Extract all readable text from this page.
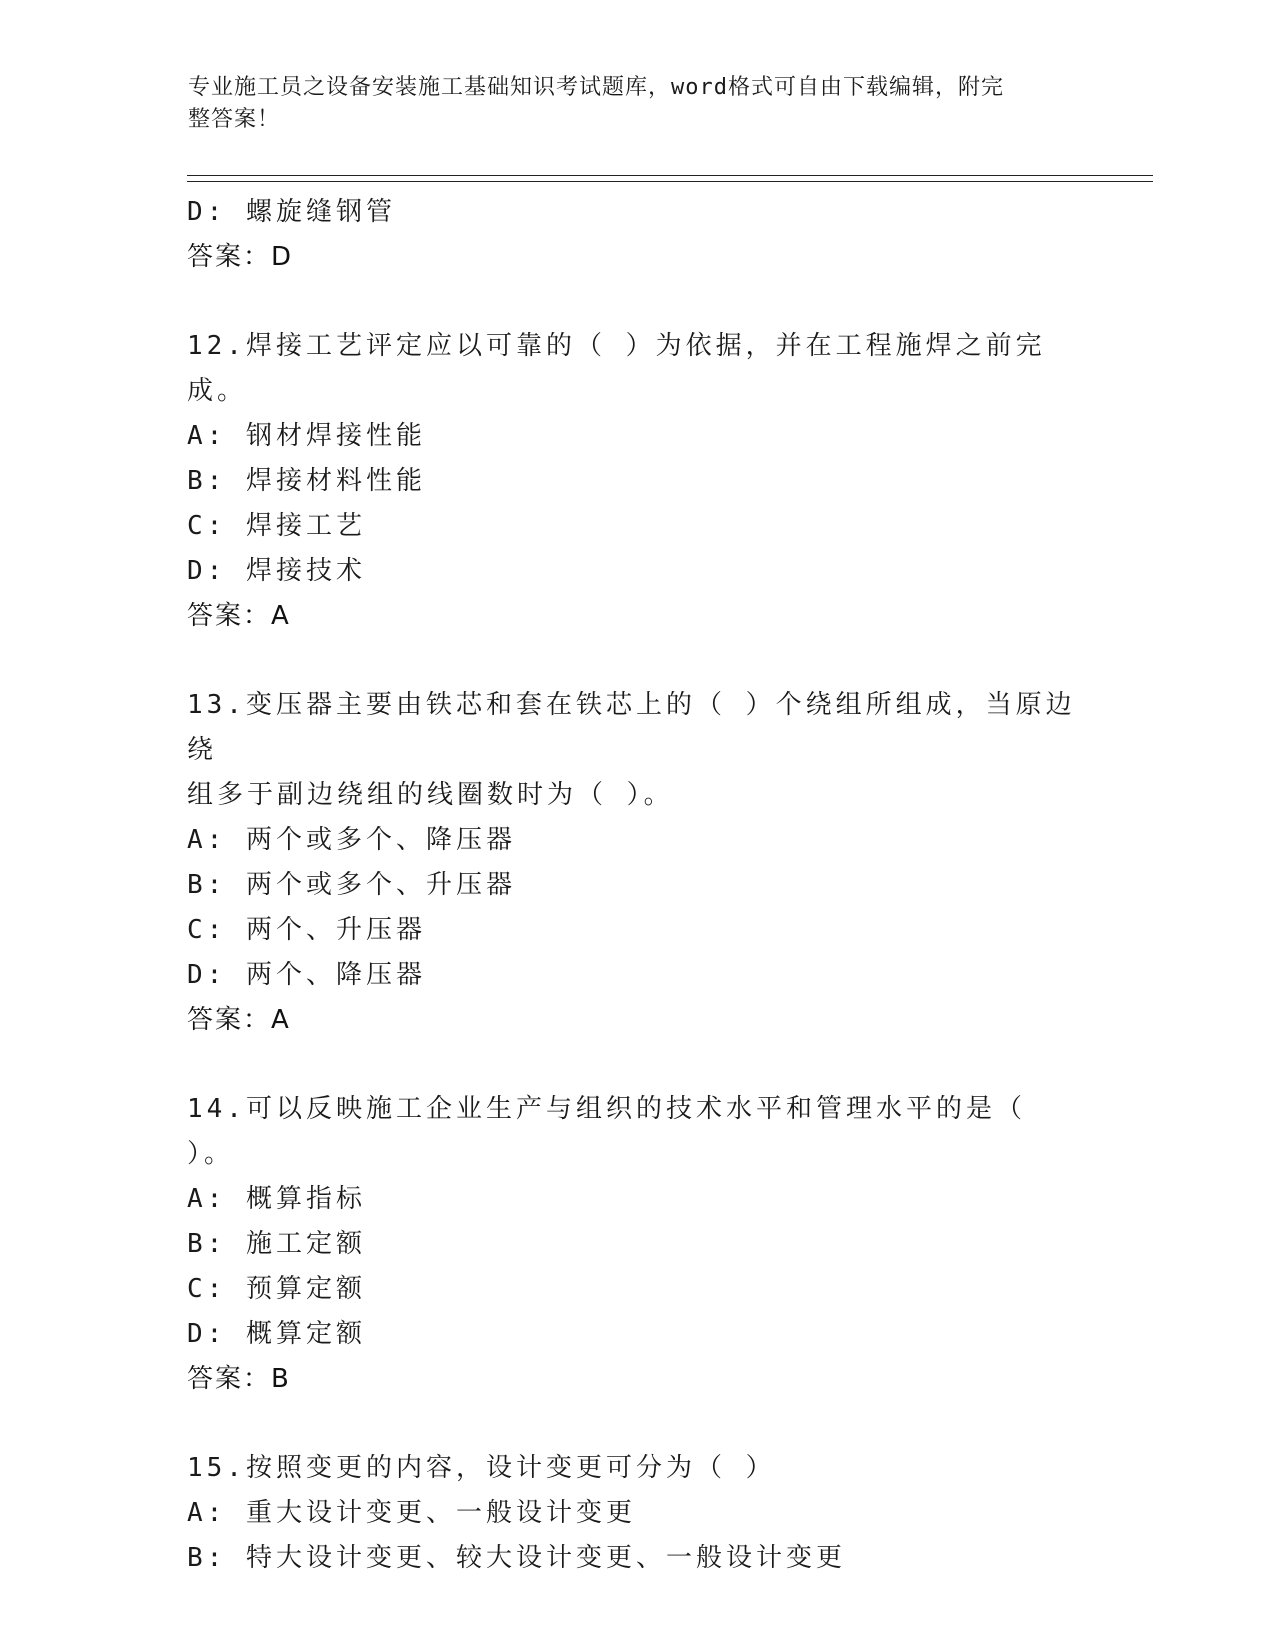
专业施工员之设备安装施工基础知识考试题库，word格式可自由下载编辑，附完
整答案！
D: 螺旋缝钢管
答案：D
12.焊接工艺评定应以可靠的（ ）为依据，并在工程施焊之前完成。
A: 钢材焊接性能
B: 焊接材料性能
C: 焊接工艺
D: 焊接技术
答案：A
13.变压器主要由铁芯和套在铁芯上的（ ）个绕组所组成，当原边绕
组多于副边绕组的线圈数时为（ ）。
A: 两个或多个、降压器
B: 两个或多个、升压器
C: 两个、升压器
D: 两个、降压器
答案：A
14.可以反映施工企业生产与组织的技术水平和管理水平的是（ ）。
A: 概算指标
B: 施工定额
C: 预算定额
D: 概算定额
答案：B
15.按照变更的内容，设计变更可分为（ ）
A: 重大设计变更、一般设计变更
B: 特大设计变更、较大设计变更、一般设计变更
